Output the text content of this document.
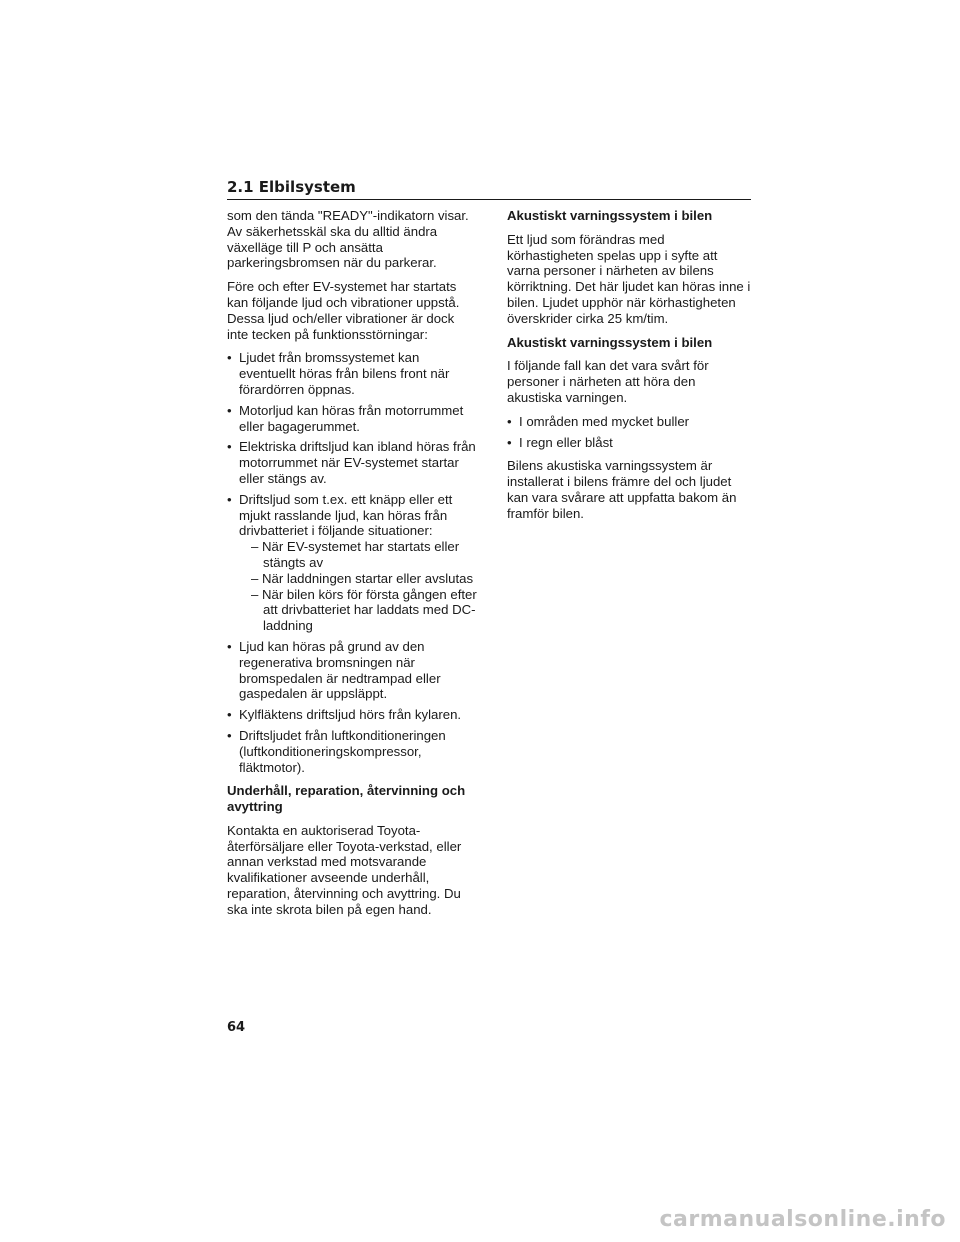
2.1 Elbilsystem

som den tända "READY"-indikatorn visar. Av säkerhetsskäl ska du alltid ändra växelläge till P och ansätta parkeringsbromsen när du parkerar.

Före och efter EV-systemet har startats kan följande ljud och vibrationer uppstå. Dessa ljud och/eller vibrationer är dock inte tecken på funktionsstörningar:

• Ljudet från bromssystemet kan eventuellt höras från bilens front när förardörren öppnas.
• Motorljud kan höras från motorrummet eller bagagerummet.
• Elektriska driftsljud kan ibland höras från motorrummet när EV-systemet startar eller stängs av.
• Driftsljud som t.ex. ett knäpp eller ett mjukt rasslande ljud, kan höras från drivbatteriet i följande situationer:
– När EV-systemet har startats eller stängts av
– När laddningen startar eller avslutas
– När bilen körs för första gången efter att drivbatteriet har laddats med DC-laddning
• Ljud kan höras på grund av den regenerativa bromsningen när bromspedalen är nedtrampad eller gaspedalen är uppsläppt.
• Kylfläktens driftsljud hörs från kylaren.
• Driftsljudet från luftkonditioneringen (luftkonditioneringskompressor, fläktmotor).
Underhåll, reparation, återvinning och avyttring

Kontakta en auktoriserad Toyota-återförsäljare eller Toyota-verkstad, eller annan verkstad med motsvarande kvalifikationer avseende underhåll, reparation, återvinning och avyttring. Du ska inte skrota bilen på egen hand.

Akustiskt varningssystem i bilen

Ett ljud som förändras med körhastigheten spelas upp i syfte att varna personer i närheten av bilens körriktning. Det här ljudet kan höras inne i bilen. Ljudet upphör när körhastigheten överskrider cirka 25 km/tim.

Akustiskt varningssystem i bilen

I följande fall kan det vara svårt för personer i närheten att höra den akustiska varningen.

• I områden med mycket buller
• I regn eller blåst

Bilens akustiska varningssystem är installerat i bilens främre del och ljudet kan vara svårare att uppfatta bakom än framför bilen.

64
carmanualsonline.info
